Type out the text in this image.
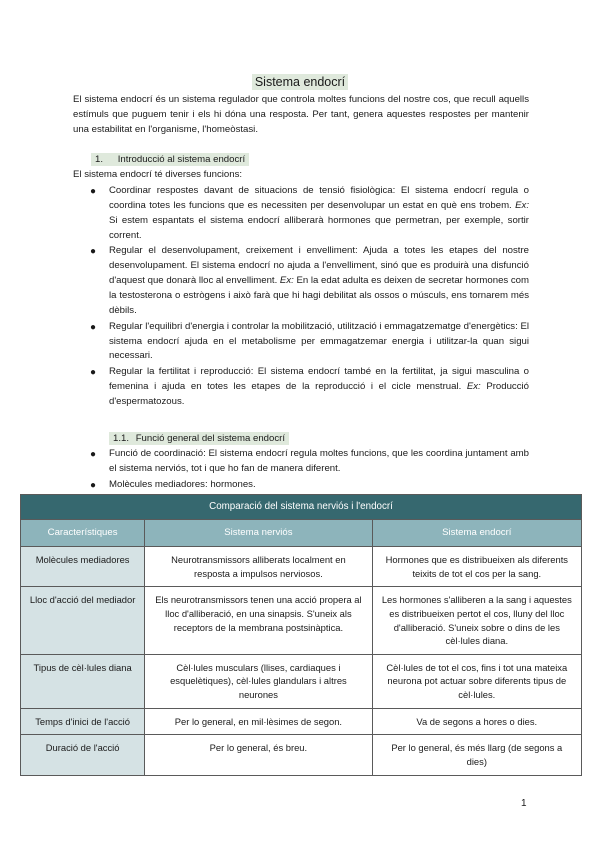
Sistema endocrí
El sistema endocrí és un sistema regulador que controla moltes funcions del nostre cos, que recull aquells estímuls que puguem tenir i els hi dóna una resposta. Per tant, genera aquestes respostes per mantenir una estabilitat en l'organisme, l'homeòstasi.
1. Introducció al sistema endocrí
El sistema endocrí té diverses funcions:
● Coordinar respostes davant de situacions de tensió fisiològica: El sistema endocrí regula o coordina totes les funcions que es necessiten per desenvolupar un estat en què ens trobem. Ex: Si estem espantats el sistema endocrí alliberarà hormones que permetran, per exemple, sortir corrent.
● Regular el desenvolupament, creixement i envelliment: Ajuda a totes les etapes del nostre desenvolupament. El sistema endocrí no ajuda a l'envelliment, sinó que es produirà una disfunció d'aquest que donarà lloc al envelliment. Ex: En la edat adulta es deixen de secretar hormones com la testosterona o estrògens i això farà que hi hagi debilitat als ossos o músculs, ens tornarem més dèbils.
● Regular l'equilibri d'energia i controlar la mobilització, utilització i emmagatzematge d'energètics: El sistema endocrí ajuda en el metabolisme per emmagatzemar energia i utilitzar-la quan sigui necessari.
● Regular la fertilitat i reproducció: El sistema endocrí també en la fertilitat, ja sigui masculina o femenina i ajuda en totes les etapes de la reproducció i el cicle menstrual. Ex: Producció d'espermatozous.
1.1. Funció general del sistema endocrí
● Funció de coordinació: El sistema endocrí regula moltes funcions, que les coordina juntament amb el sistema nerviós, tot i que ho fan de manera diferent.
● Molècules mediadores: hormones.
Comparació del sistema nerviós i l'endocrí		
Característiques	Sistema nerviós	Sistema endocrí
Molècules mediadores	Neurotransmissors alliberats localment en resposta a impulsos nerviosos.	Hormones que es distribueixen als diferents teixits de tot el cos per la sang.
Lloc d'acció del mediador	Els neurotransmissors tenen una acció propera al lloc d'alliberació, en una sinapsis. S'uneix als receptors de la membrana postsinàptica.	Les hormones s'alliberen a la sang i aquestes es distribueixen pertot el cos, lluny del lloc d'alliberació. S'uneix sobre o dins de les cèl·lules diana.
Tipus de cèl·lules diana	Cèl·lules musculars (llises, cardiaques i esquelètiques), cèl·lules glandulars i altres neurones	Cèl·lules de tot el cos, fins i tot una mateixa neurona pot actuar sobre diferents tipus de cèl·lules.
Temps d'inici de l'acció	Per lo general, en mil·lèsimes de segon.	Va de segons a hores o dies.
Duració de l'acció	Per lo general, és breu.	Per lo general, és més llarg (de segons a dies)
1
